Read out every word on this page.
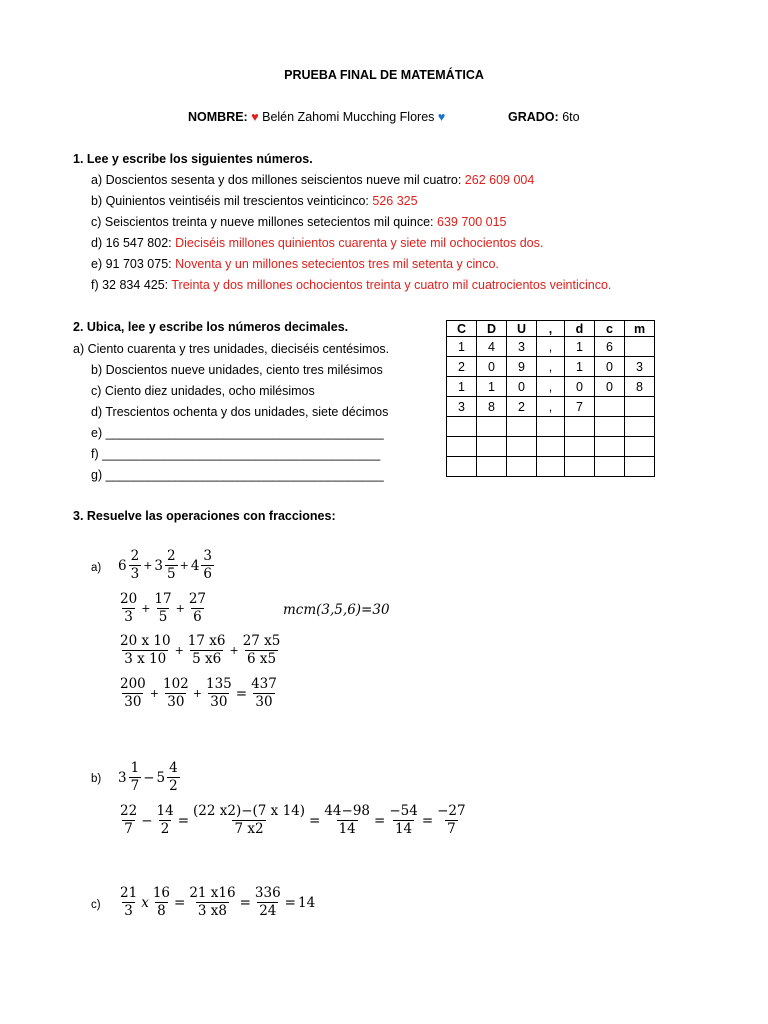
PRUEBA FINAL DE MATEMÁTICA
NOMBRE: ♥ Belén Zahomi Mucching Flores ♥	GRADO: 6to
1. Lee y escribe los siguientes números.
a) Doscientos sesenta y dos millones seiscientos nueve mil cuatro: 262 609 004
b) Quinientos veintiséis mil trescientos veinticinco: 526 325
c) Seiscientos treinta y nueve millones setecientos mil quince: 639 700 015
d) 16 547 802: Dieciséis millones quinientos cuarenta y siete mil ochocientos dos.
e) 91 703 075: Noventa y un millones setecientos tres mil setenta y cinco.
f) 32 834 425: Treinta y dos millones ochocientos treinta y cuatro mil cuatrocientos veinticinco.
2. Ubica, lee y escribe los números decimales.
a) Ciento cuarenta y tres unidades, dieciséis centésimos.
b) Doscientos nueve unidades, ciento tres milésimos
c) Ciento diez unidades, ocho milésimos
d) Trescientos ochenta y dos unidades, siete décimos
e) ________________________________________
f) ________________________________________
g) ________________________________________
C	D	U	,	d	c	m
1	4	3	,	1	6	
2	0	9	,	1	0	3
1	1	0	,	0	0	8
3	8	2	,	7		

3. Resuelve las operaciones con fracciones:
a) $6 \frac{2}{3} + 3 \frac{2}{5} + 4 \frac{3}{6}$
$\frac{20}{3} + \frac{17}{5} + \frac{27}{6}$	mcm(3,5,6)=30
$\frac{20 x 10}{3 x 10} + \frac{17 x6}{5 x6} + \frac{27 x5}{6 x5}$
$\frac{200}{30} + \frac{102}{30} + \frac{135}{30} = \frac{437}{30}$
b) $3 \frac{1}{7} - 5 \frac{4}{2}$
$\frac{22}{7} - \frac{14}{2} = \frac{(22 x2)-(7 x 14)}{7 x2} = \frac{44-98}{14} = \frac{-54}{14} = \frac{-27}{7}$
$c) \frac{21}{3}$ x $\frac{16}{8} = \frac{21 x16}{3 x8} = \frac{336}{24} = 14$
